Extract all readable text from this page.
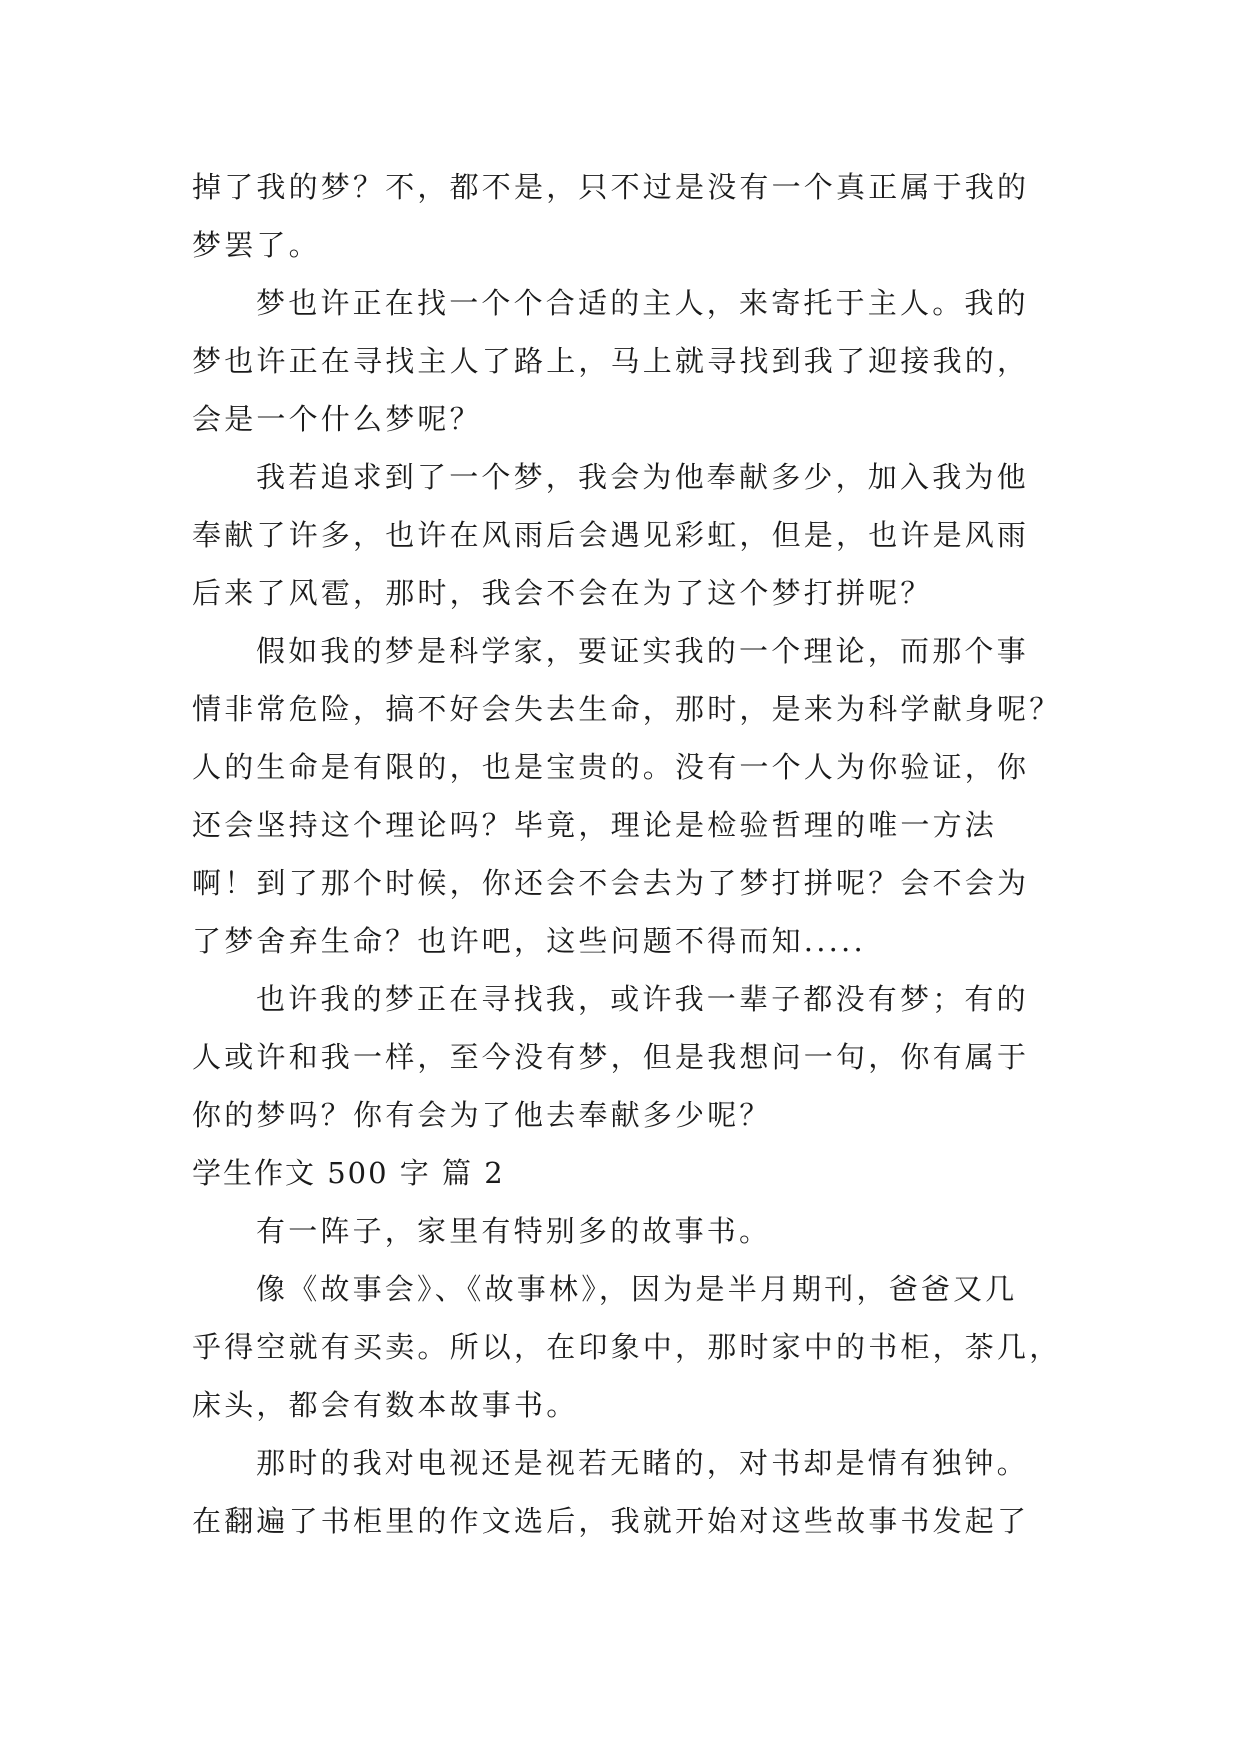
掉了我的梦？不，都不是，只不过是没有一个真正属于我的
梦罢了。
梦也许正在找一个个合适的主人，来寄托于主人。我的
梦也许正在寻找主人了路上，马上就寻找到我了迎接我的，
会是一个什么梦呢？
我若追求到了一个梦，我会为他奉献多少，加入我为他
奉献了许多，也许在风雨后会遇见彩虹，但是，也许是风雨
后来了风雹，那时，我会不会在为了这个梦打拼呢？
假如我的梦是科学家，要证实我的一个理论，而那个事
情非常危险，搞不好会失去生命，那时，是来为科学献身呢？
人的生命是有限的，也是宝贵的。没有一个人为你验证，你
还会坚持这个理论吗？毕竟，理论是检验哲理的唯一方法
啊！到了那个时候，你还会不会去为了梦打拼呢？会不会为
了梦舍弃生命？也许吧，这些问题不得而知.....
也许我的梦正在寻找我，或许我一辈子都没有梦；有的
人或许和我一样，至今没有梦，但是我想问一句，你有属于
你的梦吗？你有会为了他去奉献多少呢？
学生作文 500 字 篇 2
有一阵子，家里有特别多的故事书。
像《故事会》、《故事林》，因为是半月期刊，爸爸又几
乎得空就有买卖。所以，在印象中，那时家中的书柜，茶几，
床头，都会有数本故事书。
那时的我对电视还是视若无睹的，对书却是情有独钟。
在翻遍了书柜里的作文选后，我就开始对这些故事书发起了
